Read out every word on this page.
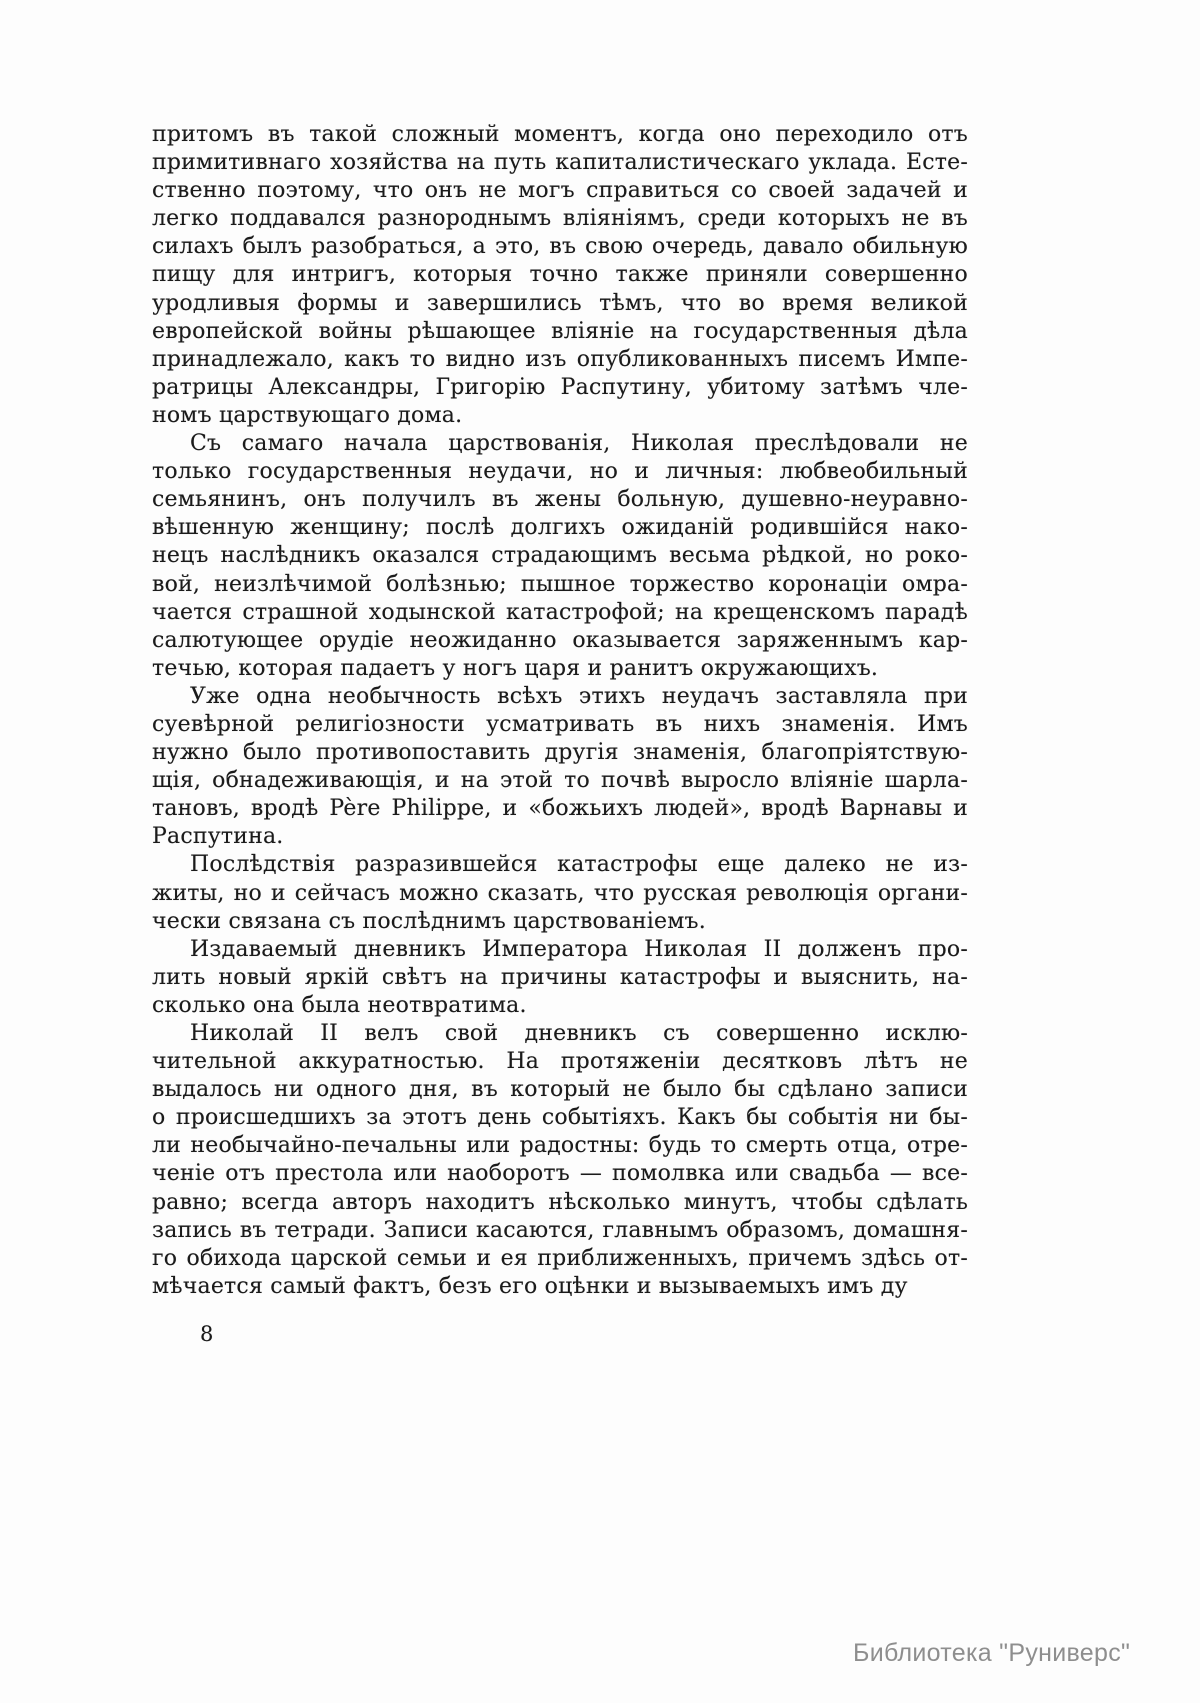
притомъ въ такой сложный моментъ, когда оно переходило отъ
примитивнаго хозяйства на путь капиталистическаго уклада. Есте-
ственно поэтому, что онъ не могъ справиться со своей задачей и
легко поддавался разнороднымъ вліяніямъ, среди которыхъ не въ
силахъ былъ разобраться, а это, въ свою очередь, давало обильную
пищу для интригъ, которыя точно также приняли совершенно
уродливыя формы и завершились тѣмъ, что во время великой
европейской войны рѣшающее вліяніе на государственныя дѣла
принадлежало, какъ то видно изъ опубликованныхъ писемъ Импе-
ратрицы Александры, Григорію Распутину, убитому затѣмъ чле-
номъ царствующаго дома.
Съ самаго начала царствованія, Николая преслѣдовали не
только государственныя неудачи, но и личныя: любвеобильный
семьянинъ, онъ получилъ въ жены больную, душевно-неуравно-
вѣшенную женщину; послѣ долгихъ ожиданій родившійся нако-
нецъ наслѣдникъ оказался страдающимъ весьма рѣдкой, но роко-
вой, неизлѣчимой болѣзнью; пышное торжество коронаціи омра-
чается страшной ходынской катастрофой; на крещенскомъ парадѣ
салютующее орудіе неожиданно оказывается заряженнымъ кар-
течью, которая падаетъ у ногъ царя и ранитъ окружающихъ.
Уже одна необычность всѣхъ этихъ неудачъ заставляла при
суевѣрной религіозности усматривать въ нихъ знаменія. Имъ
нужно было противопоставить другія знаменія, благопріятствую-
щія, обнадеживающія, и на этой то почвѣ выросло вліяніе шарла-
тановъ, вродѣ Père Philippe, и «божьихъ людей», вродѣ Варнавы и
Распутина.
Послѣдствія разразившейся катастрофы еще далеко не из-
житы, но и сейчасъ можно сказать, что русская революція органи-
чески связана съ послѣднимъ царствованіемъ.
Издаваемый дневникъ Императора Николая II долженъ про-
лить новый яркій свѣтъ на причины катастрофы и выяснить, на-
сколько она была неотвратима.
Николай II велъ свой дневникъ съ совершенно исклю-
чительной аккуратностью. На протяженіи десятковъ лѣтъ не
выдалось ни одного дня, въ который не было бы сдѣлано записи
о происшедшихъ за этотъ день событіяхъ. Какъ бы событія ни бы-
ли необычайно-печальны или радостны: будь то смерть отца, отре-
ченіе отъ престола или наоборотъ — помолвка или свадьба — все-
равно; всегда авторъ находитъ нѣсколько минутъ, чтобы сдѣлать
запись въ тетради. Записи касаются, главнымъ образомъ, домашня-
го обихода царской семьи и ея приближенныхъ, причемъ здѣсь от-
мѣчается самый фактъ, безъ его оцѣнки и вызываемыхъ имъ ду
8
Библиотека "Руниверс"
